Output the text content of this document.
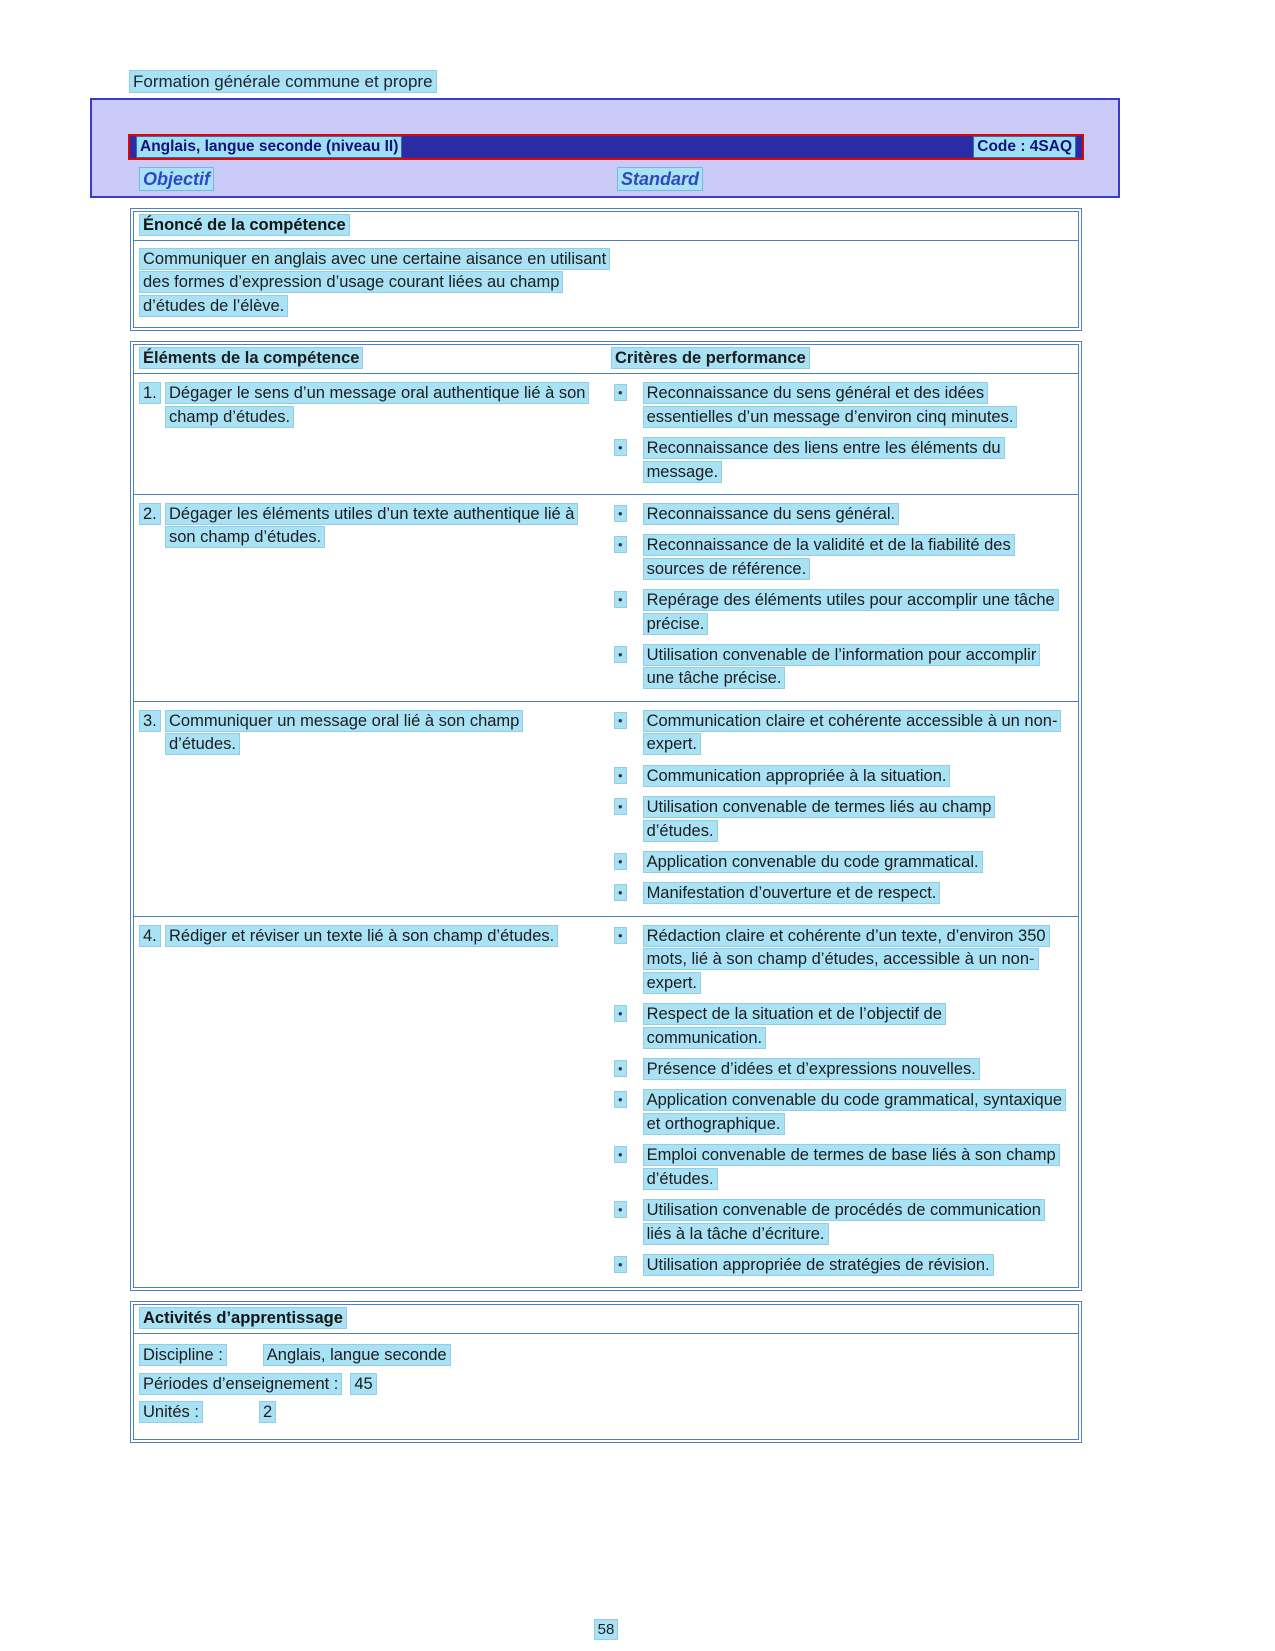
Formation générale commune et propre
Anglais, langue seconde (niveau II)	Code : 4SAQ
Objectif	Standard
Énoncé de la compétence

Communiquer en anglais avec une certaine aisance en utilisant des formes d’expression d’usage courant liées au champ d’études de l’élève.

Éléments de la compétence	Critères de performance
1. Dégager le sens d’un message oral authentique lié à son champ d’études.
• Reconnaissance du sens général et des idées essentielles d’un message d’environ cinq minutes.
• Reconnaissance des liens entre les éléments du message.
2. Dégager les éléments utiles d’un texte authentique lié à son champ d’études.
• Reconnaissance du sens général.
• Reconnaissance de la validité et de la fiabilité des sources de référence.
• Repérage des éléments utiles pour accomplir une tâche précise.
• Utilisation convenable de l’information pour accomplir une tâche précise.
3. Communiquer un message oral lié à son champ d’études.
• Communication claire et cohérente accessible à un non-expert.
• Communication appropriée à la situation.
• Utilisation convenable de termes liés au champ d’études.
• Application convenable du code grammatical.
• Manifestation d’ouverture et de respect.
4. Rédiger et réviser un texte lié à son champ d’études.	• Rédaction claire et cohérente d’un texte, d’environ 350 mots, lié à son champ d’études, accessible à un non-expert.
• Respect de la situation et de l’objectif de communication.
• Présence d’idées et d’expressions nouvelles.
• Application convenable du code grammatical, syntaxique et orthographique.
• Emploi convenable de termes de base liés à son champ d’études.
• Utilisation convenable de procédés de communication liés à la tâche d’écriture.
• Utilisation appropriée de stratégies de révision.
Activités d’apprentissage
Discipline :	Anglais, langue seconde
Périodes d’enseignement : 45
Unités :	2
58
